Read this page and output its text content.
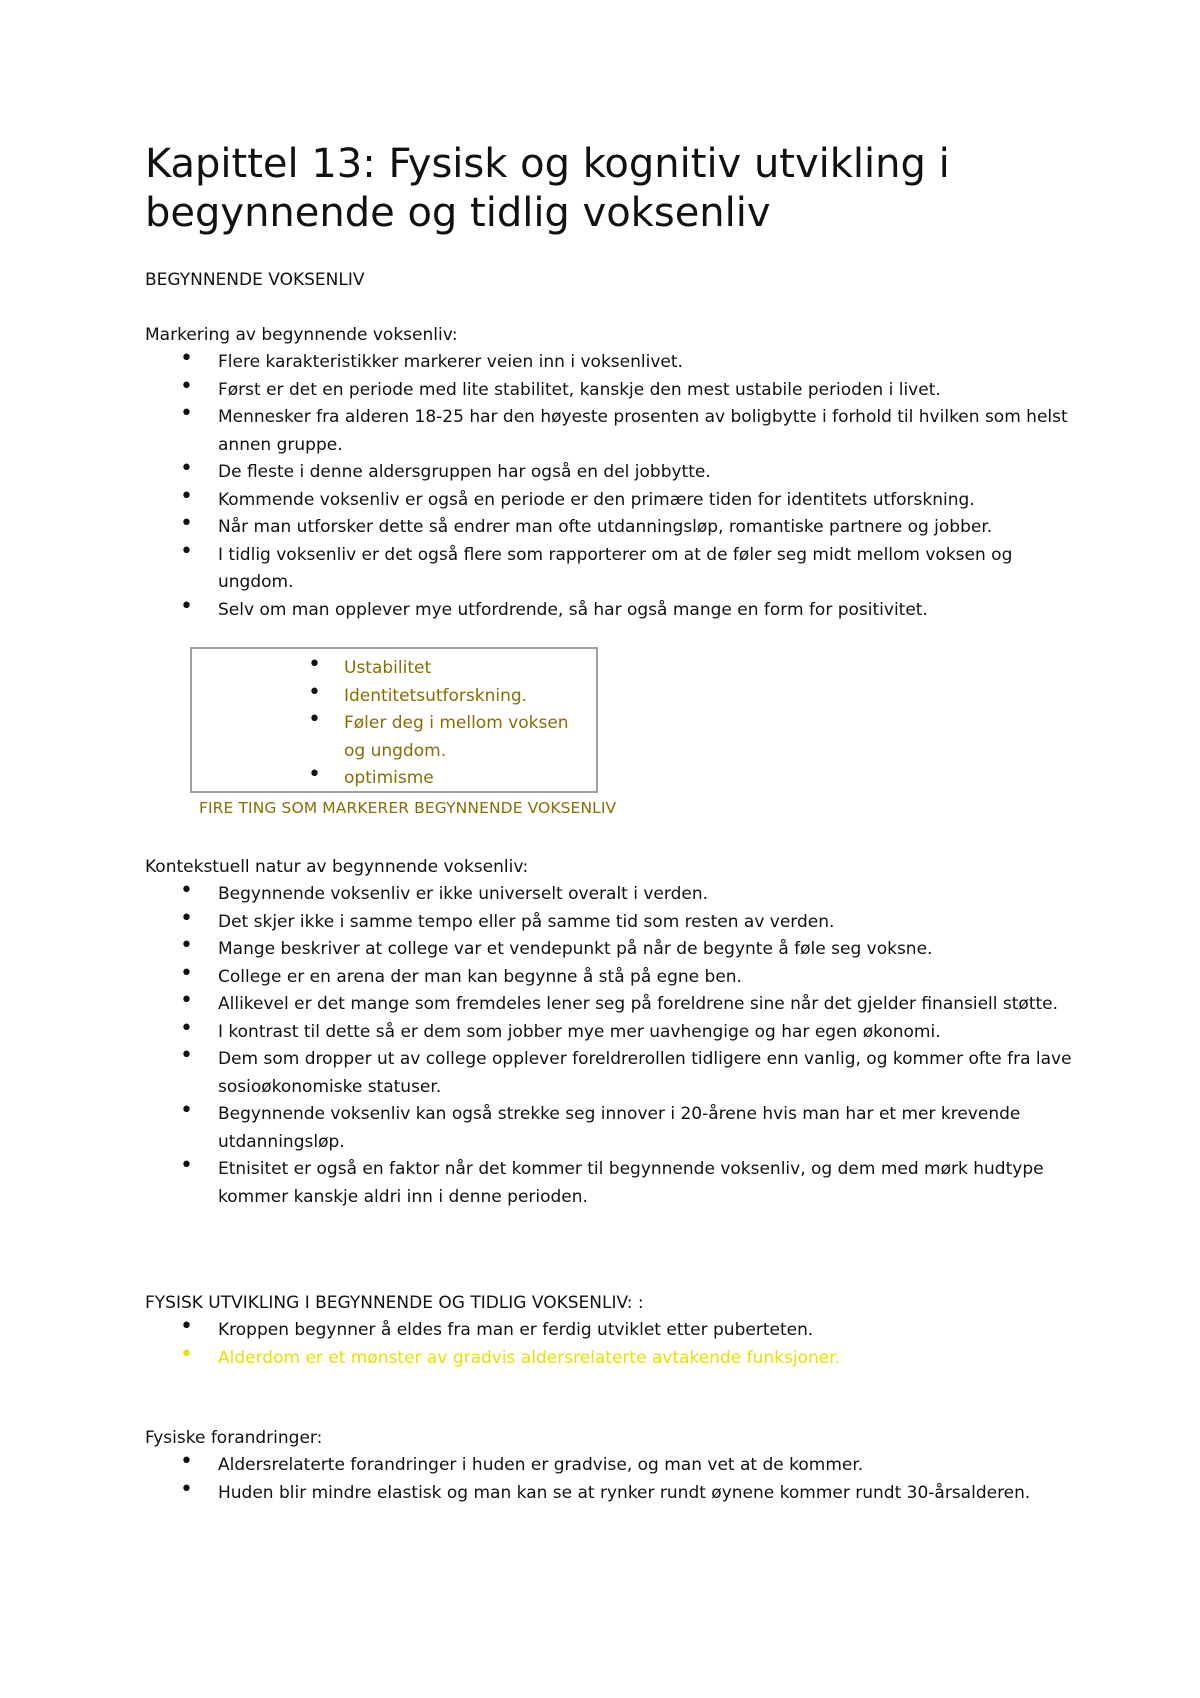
Kapittel 13: Fysisk og kognitiv utvikling i begynnende og tidlig voksenliv

BEGYNNENDE VOKSENLIV

Markering av begynnende voksenliv:

• Flere karakteristikker markerer veien inn i voksenlivet.
• Først er det en periode med lite stabilitet, kanskje den mest ustabile perioden i livet.
• Mennesker fra alderen 18-25 har den høyeste prosenten av boligbytte i forhold til hvilken som helst annen gruppe.
• De fleste i denne aldersgruppen har også en del jobbytte.
• Kommende voksenliv er også en periode er den primære tiden for identitets utforskning.
• Når man utforsker dette så endrer man ofte utdanningsløp, romantiske partnere og jobber.
• I tidlig voksenliv er det også flere som rapporterer om at de føler seg midt mellom voksen og ungdom.
• Selv om man opplever mye utfordrende, så har også mange en form for positivitet.
• Ustabilitet
• Identitetsutforskning.
• Føler deg i mellom voksen og ungdom.
• optimisme

FIRE TING SOM MARKERER BEGYNNENDE VOKSENLIV

Kontekstuell natur av begynnende voksenliv:

• Begynnende voksenliv er ikke universelt overalt i verden.
• Det skjer ikke i samme tempo eller på samme tid som resten av verden.
• Mange beskriver at college var et vendepunkt på når de begynte å føle seg voksne.
• College er en arena der man kan begynne å stå på egne ben.
• Allikevel er det mange som fremdeles lener seg på foreldrene sine når det gjelder finansiell støtte.
• I kontrast til dette så er dem som jobber mye mer uavhengige og har egen økonomi.
• Dem som dropper ut av college opplever foreldrerollen tidligere enn vanlig, og kommer ofte fra lave sosioøkonomiske statuser.
• Begynnende voksenliv kan også strekke seg innover i 20-årene hvis man har et mer krevende utdanningsløp.
• Etnisitet er også en faktor når det kommer til begynnende voksenliv, og dem med mørk hudtype kommer kanskje aldri inn i denne perioden.

FYSISK UTVIKLING I BEGYNNENDE OG TIDLIG VOKSENLIV: :

• Kroppen begynner å eldes fra man er ferdig utviklet etter puberteten.
• Alderdom er et mønster av gradvis aldersrelaterte avtakende funksjoner.

Fysiske forandringer:

• Aldersrelaterte forandringer i huden er gradvise, og man vet at de kommer.
• Huden blir mindre elastisk og man kan se at rynker rundt øynene kommer rundt 30-årsalderen.
